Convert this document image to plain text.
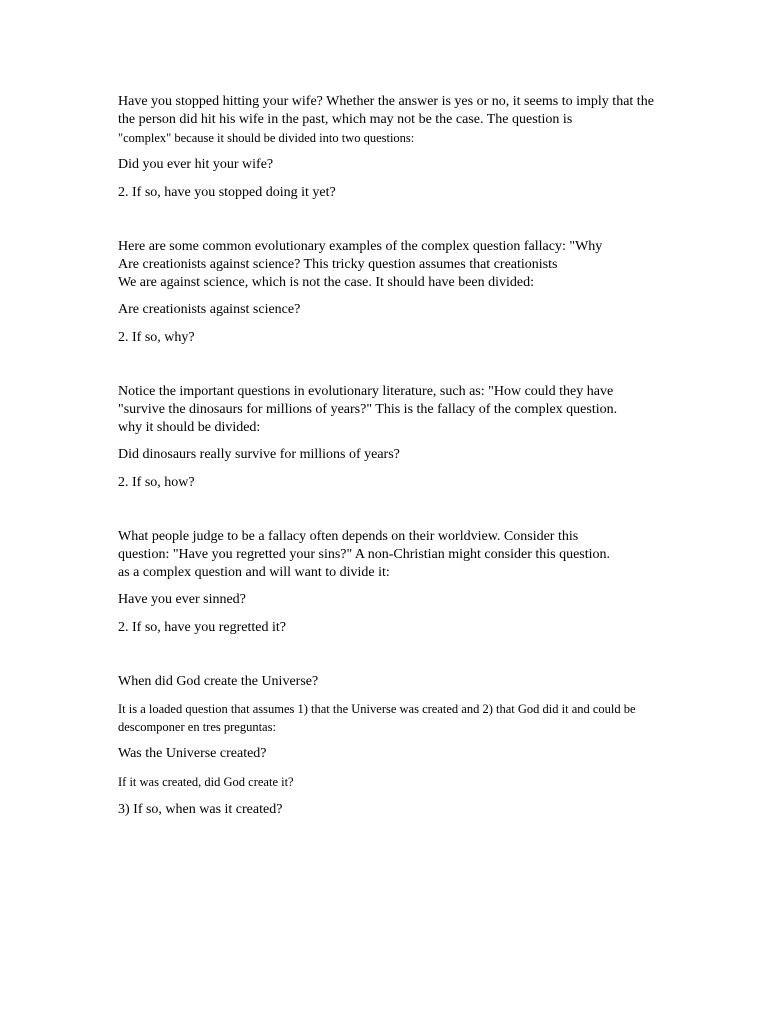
Have you stopped hitting your wife? Whether the answer is yes or no, it seems to imply that the

the person did hit his wife in the past, which may not be the case. The question is

"complex" because it should be divided into two questions:

Did you ever hit your wife?

2. If so, have you stopped doing it yet?

Here are some common evolutionary examples of the complex question fallacy: "Why

Are creationists against science? This tricky question assumes that creationists

We are against science, which is not the case. It should have been divided:

Are creationists against science?

2. If so, why?

Notice the important questions in evolutionary literature, such as: "How could they have

"survive the dinosaurs for millions of years?" This is the fallacy of the complex question.

why it should be divided:

Did dinosaurs really survive for millions of years?

2. If so, how?

What people judge to be a fallacy often depends on their worldview. Consider this

question: "Have you regretted your sins?" A non-Christian might consider this question.

as a complex question and will want to divide it:

Have you ever sinned?

2. If so, have you regretted it?

When did God create the Universe?

It is a loaded question that assumes 1) that the Universe was created and 2) that God did it and could be

descomponer en tres preguntas:

Was the Universe created?

If it was created, did God create it?

3) If so, when was it created?
